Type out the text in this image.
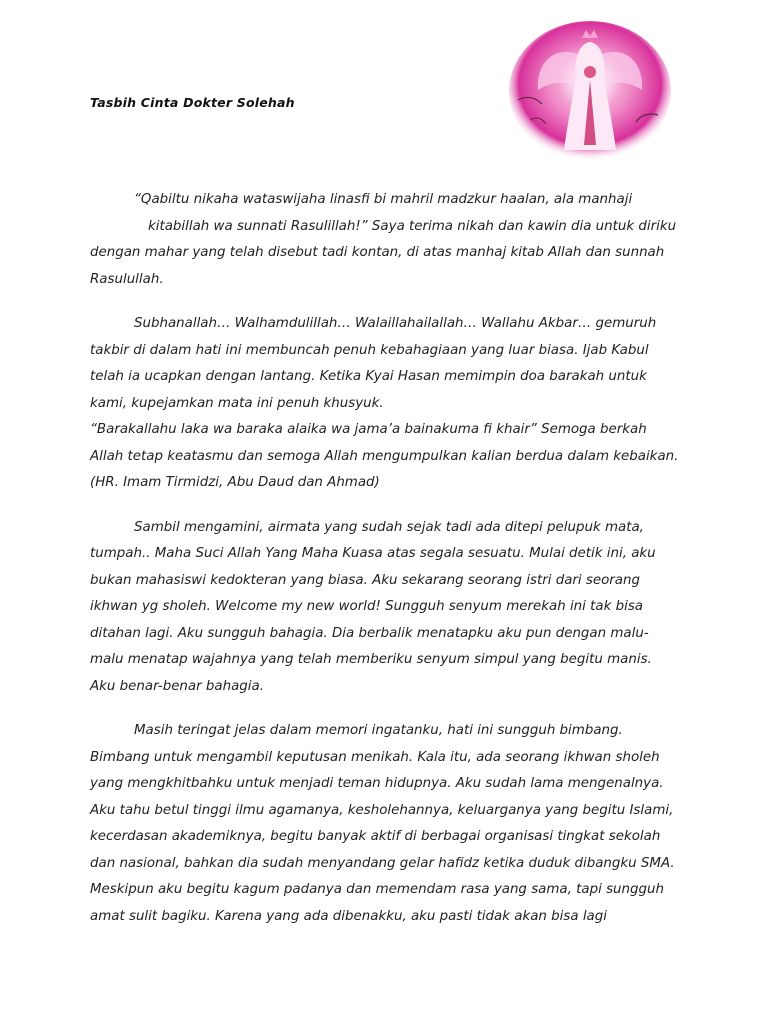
Tasbih Cinta Dokter Solehah

“Qabiltu nikaha wataswijaha linasfi bi mahril madzkur haalan, ala manhaji
kitabillah wa sunnati Rasulillah!” Saya terima nikah dan kawin dia untuk diriku dengan mahar yang telah disebut tadi kontan, di atas manhaj kitab Allah dan sunnah Rasulullah.

Subhanallah… Walhamdulillah… Walaillahailallah… Wallahu Akbar… gemuruh takbir di dalam hati ini membuncah penuh kebahagiaan yang luar biasa. Ijab Kabul telah ia ucapkan dengan lantang. Ketika Kyai Hasan memimpin doa barakah untuk kami, kupejamkan mata ini penuh khusyuk.

“Barakallahu laka wa baraka alaika wa jama’a bainakuma fi khair” Semoga berkah Allah tetap keatasmu dan semoga Allah mengumpulkan kalian berdua dalam kebaikan. (HR. Imam Tirmidzi, Abu Daud dan Ahmad)

Sambil mengamini, airmata yang sudah sejak tadi ada ditepi pelupuk mata, tumpah.. Maha Suci Allah Yang Maha Kuasa atas segala sesuatu. Mulai detik ini, aku bukan mahasiswi kedokteran yang biasa. Aku sekarang seorang istri dari seorang ikhwan yg sholeh. Welcome my new world! Sungguh senyum merekah ini tak bisa ditahan lagi. Aku sungguh bahagia. Dia berbalik menatapku aku pun dengan malu-malu menatap wajahnya yang telah memberiku senyum simpul yang begitu manis. Aku benar-benar bahagia.

Masih teringat jelas dalam memori ingatanku, hati ini sungguh bimbang. Bimbang untuk mengambil keputusan menikah. Kala itu, ada seorang ikhwan sholeh yang mengkhitbahku untuk menjadi teman hidupnya. Aku sudah lama mengenalnya. Aku tahu betul tinggi ilmu agamanya, kesholehannya, keluarganya yang begitu Islami, kecerdasan akademiknya, begitu banyak aktif di berbagai organisasi tingkat sekolah dan nasional, bahkan dia sudah menyandang gelar hafidz ketika duduk dibangku SMA. Meskipun aku begitu kagum padanya dan memendam rasa yang sama, tapi sungguh amat sulit bagiku. Karena yang ada dibenakku, aku pasti tidak akan bisa lagi
